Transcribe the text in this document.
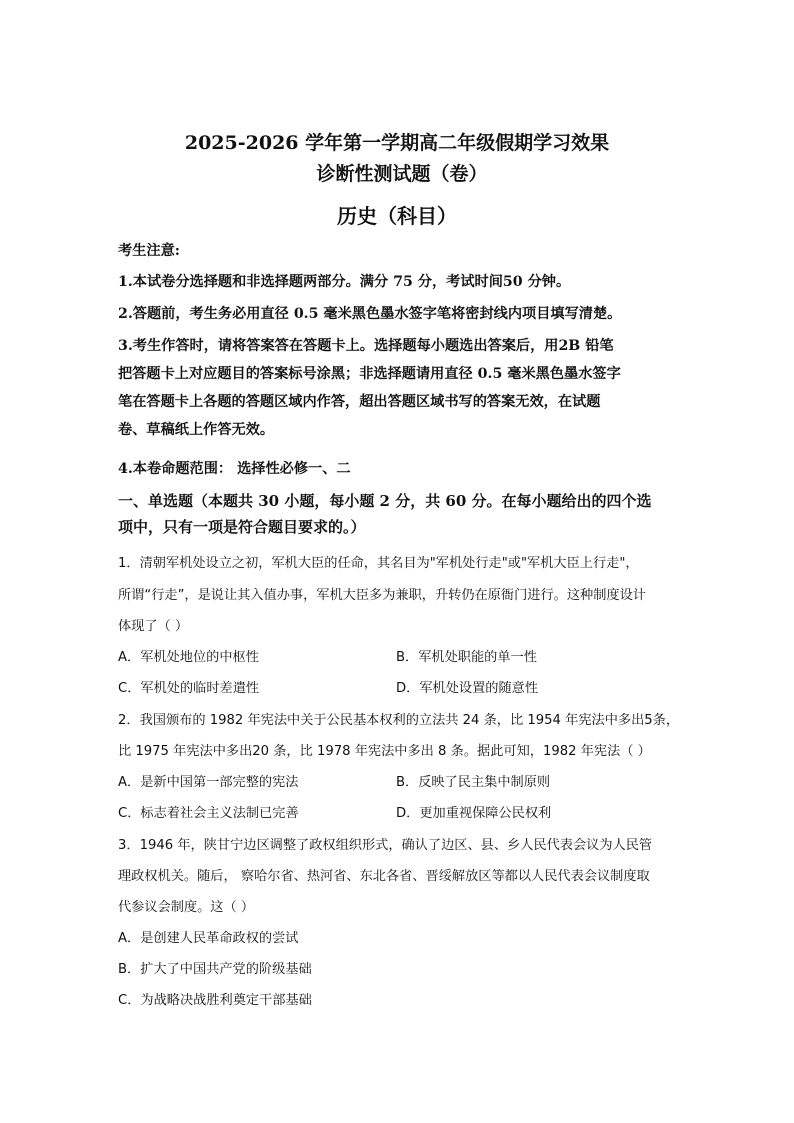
2025-2026 学年第一学期高二年级假期学习效果
诊断性测试题（卷）
历史（科目）
考生注意:
1.本试卷分选择题和非选择题两部分。满分 75 分，考试时间50 分钟。
2.答题前，考生务必用直径 0.5 毫米黑色墨水签字笔将密封线内项目填写清楚。
3.考生作答时，请将答案答在答题卡上。选择题每小题选出答案后，用2B 铅笔
把答题卡上对应题目的答案标号涂黑；非选择题请用直径 0.5 毫米黑色墨水签字
笔在答题卡上各题的答题区域内作答，超出答题区域书写的答案无效，在试题
卷、草稿纸上作答无效。
4.本卷命题范围： 选择性必修一、二
一、单选题（本题共 30 小题，每小题 2 分，共 60 分。在每小题给出的四个选
项中，只有一项是符合题目要求的。）
1．清朝军机处设立之初，军机大臣的任命，其名目为"军机处行走"或"军机大臣上行走"，
所谓“行走”，是说让其入值办事，军机大臣多为兼职，升转仍在原衙门进行。这种制度设计
体现了（ ）
A．军机处地位的中枢性	B．军机处职能的单一性
C．军机处的临时差遣性	D．军机处设置的随意性
2．我国颁布的 1982 年宪法中关于公民基本权利的立法共 24 条，比 1954 年宪法中多出5条，
比 1975 年宪法中多出20 条，比 1978 年宪法中多出 8 条。据此可知，1982 年宪法（ ）
A．是新中国第一部完整的宪法	B．反映了民主集中制原则
C．标志着社会主义法制已完善	D．更加重视保障公民权利
3．1946 年，陕甘宁边区调整了政权组织形式，确认了边区、县、乡人民代表会议为人民管
理政权机关。随后， 察哈尔省、热河省、东北各省、晋绥解放区等都以人民代表会议制度取
代参议会制度。这（ ）
A．是创建人民革命政权的尝试
B．扩大了中国共产党的阶级基础
C．为战略决战胜利奠定干部基础
